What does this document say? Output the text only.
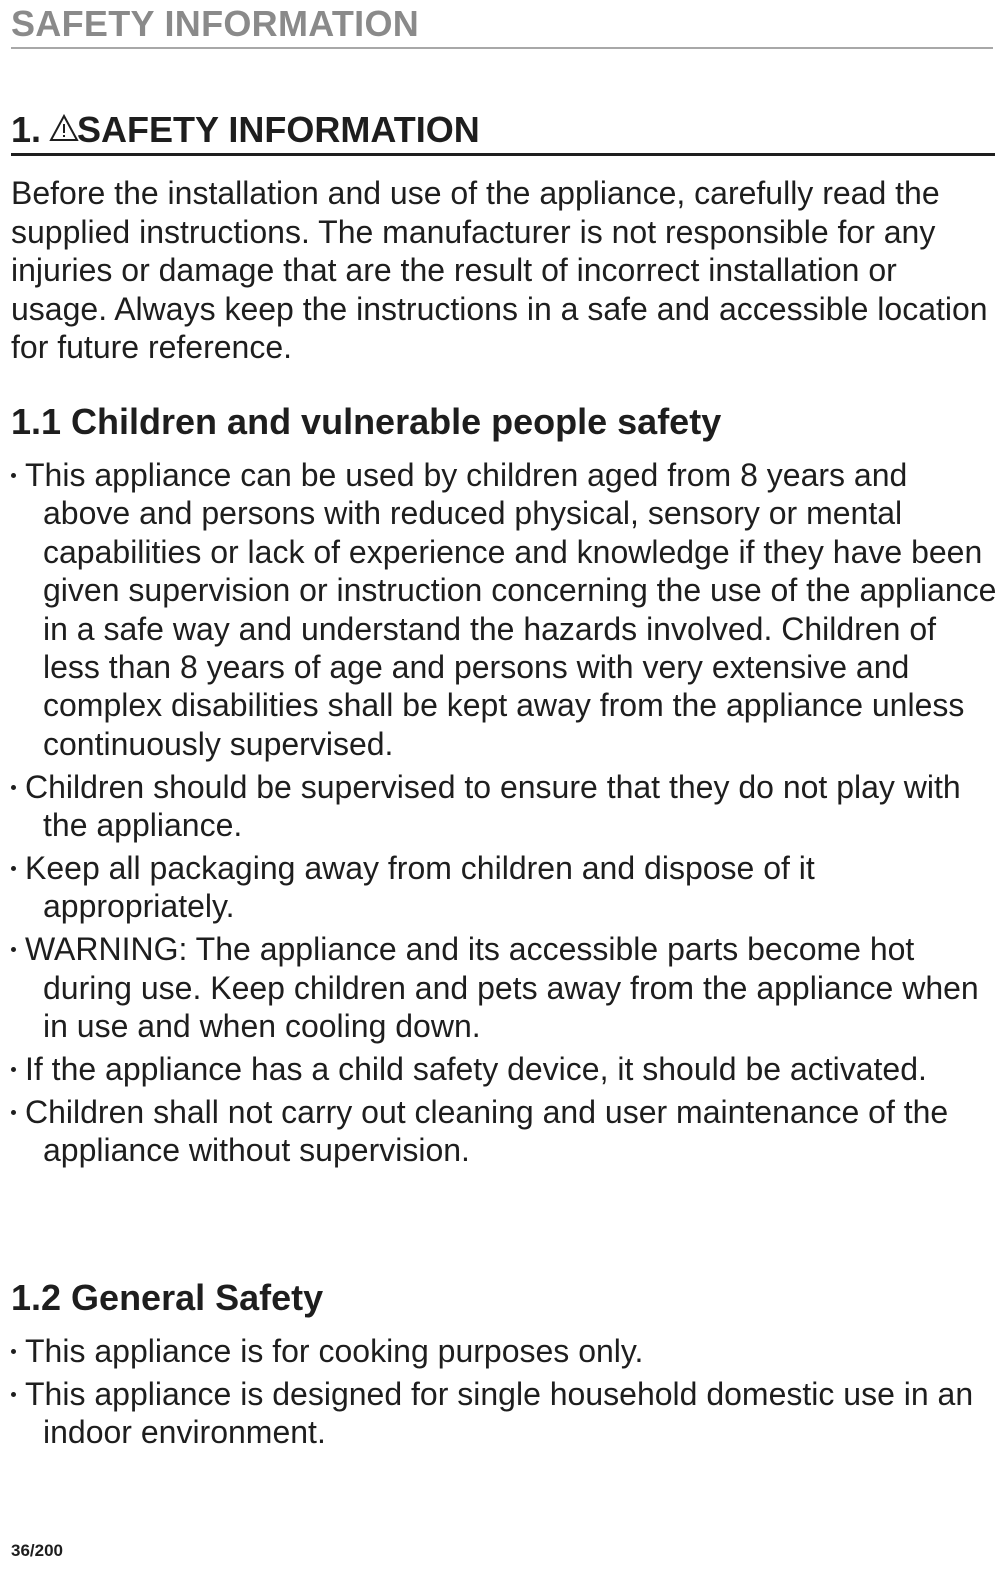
SAFETY INFORMATION
1. SAFETY INFORMATION

Before the installation and use of the appliance, carefully read the supplied instructions. The manufacturer is not responsible for any injuries or damage that are the result of incorrect installation or usage. Always keep the instructions in a safe and accessible location for future reference.

1.1 Children and vulnerable people safety
This appliance can be used by children aged from 8 years and above and persons with reduced physical, sensory or mental capabilities or lack of experience and knowledge if they have been given supervision or instruction concerning the use of the appliance in a safe way and understand the hazards involved. Children of less than 8 years of age and persons with very extensive and complex disabilities shall be kept away from the appliance unless continuously supervised.
Children should be supervised to ensure that they do not play with the appliance.
Keep all packaging away from children and dispose of it appropriately.
WARNING: The appliance and its accessible parts become hot during use. Keep children and pets away from the appliance when in use and when cooling down.
If the appliance has a child safety device, it should be activated.
Children shall not carry out cleaning and user maintenance of the appliance without supervision.
1.2 General Safety
This appliance is for cooking purposes only.
This appliance is designed for single household domestic use in an indoor environment.
36/200
